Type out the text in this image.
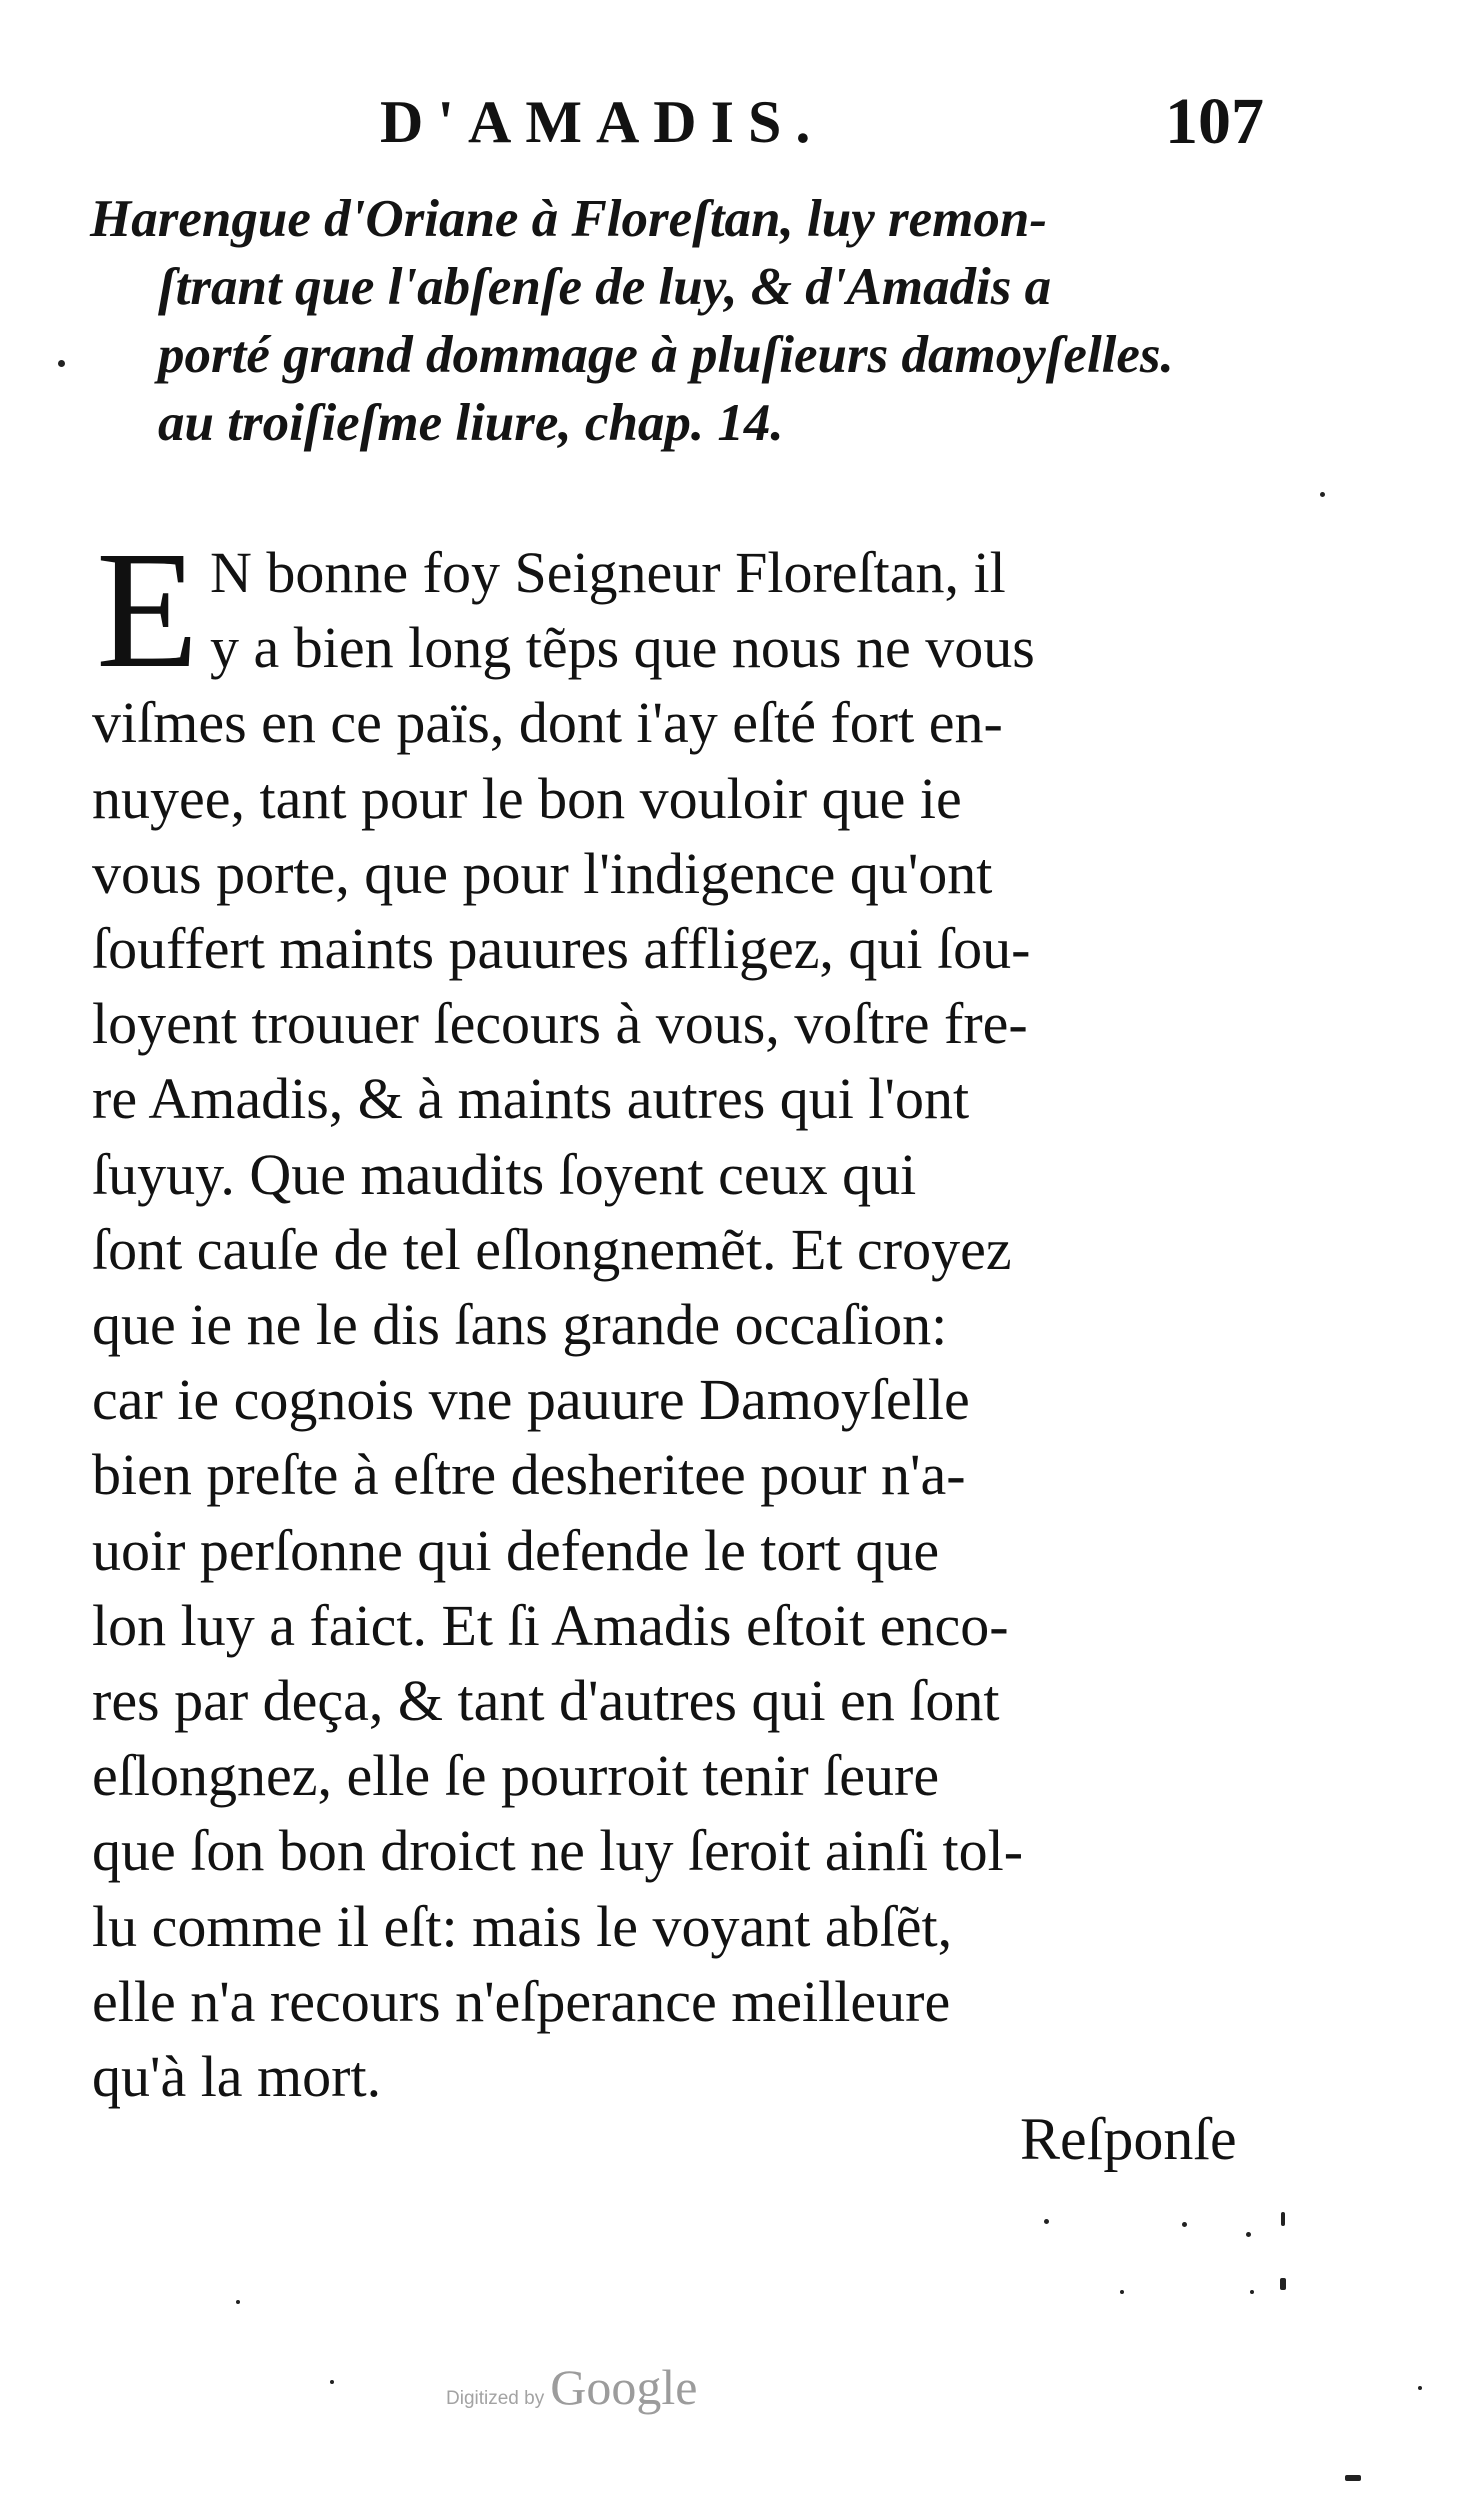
D'AMADIS.	107
Harengue d'Oriane à Floreſtan, luy remon-
ſtrant que l'abſenſe de luy, & d'Amadis a
porté grand dommage à pluſieurs damoyſelles.
au troiſieſme liure, chap. 14.
E N bonne foy Seigneur Floreſtan, il
y a bien long tẽps que nous ne vous
viſmes en ce païs, dont i'ay eſté fort en-
nuyee, tant pour le bon vouloir que ie
vous porte, que pour l'indigence qu'ont
ſouffert maints pauures affligez, qui ſou-
loyent trouuer ſecours à vous, voſtre fre-
re Amadis, & à maints autres qui l'ont
ſuyuy. Que maudits ſoyent ceux qui
ſont cauſe de tel eſlongnemẽt. Et croyez
que ie ne le dis ſans grande occaſion:
car ie cognois vne pauure Damoyſelle
bien preſte à eſtre desheritee pour n'a-
uoir perſonne qui defende le tort que
lon luy a faict. Et ſi Amadis eſtoit enco-
res par deça, & tant d'autres qui en ſont
eſlongnez, elle ſe pourroit tenir ſeure
que ſon bon droict ne luy ſeroit ainſi tol-
lu comme il eſt: mais le voyant abſẽt,
elle n'a recours n'eſperance meilleure
qu'à la mort.
Reſponſe
Digitized by Google
